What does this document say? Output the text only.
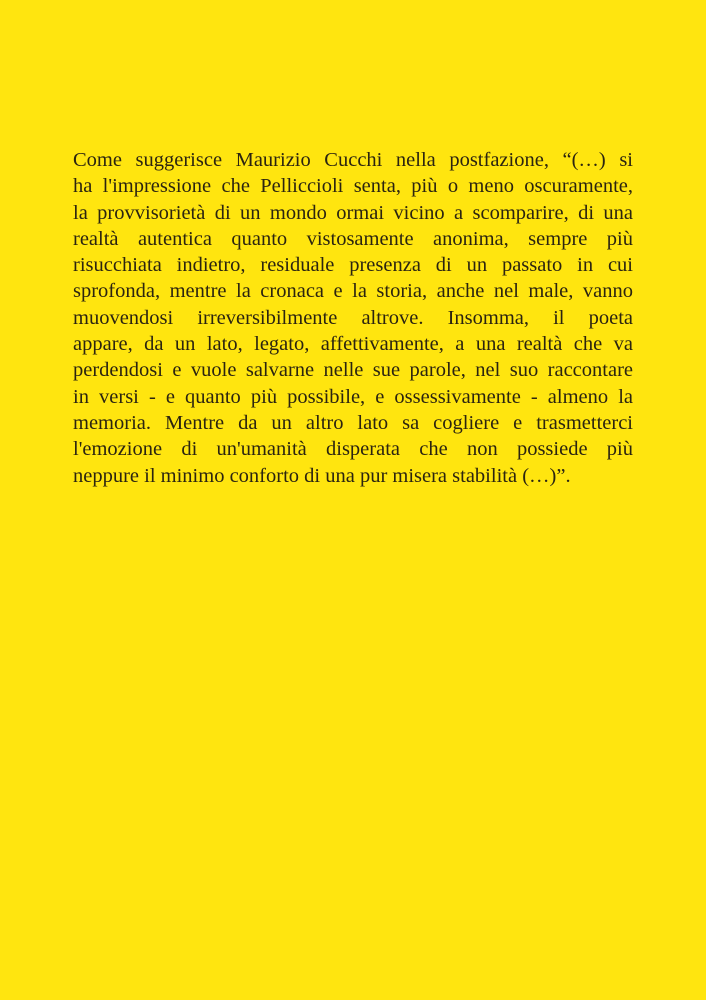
Come suggerisce Maurizio Cucchi nella postfazione, “(…) si
ha l'impressione che Pelliccioli senta, più o meno oscuramente,
la provvisorietà di un mondo ormai vicino a scomparire, di una
realtà autentica quanto vistosamente anonima, sempre più
risucchiata indietro, residuale presenza di un passato in cui
sprofonda, mentre la cronaca e la storia, anche nel male, vanno
muovendosi irreversibilmente altrove. Insomma, il poeta
appare, da un lato, legato, affettivamente, a una realtà che va
perdendosi e vuole salvarne nelle sue parole, nel suo raccontare
in versi - e quanto più possibile, e ossessivamente - almeno la
memoria. Mentre da un altro lato sa cogliere e trasmetterci
l'emozione di un'umanità disperata che non possiede più
neppure il minimo conforto di una pur misera stabilità (…)”.
